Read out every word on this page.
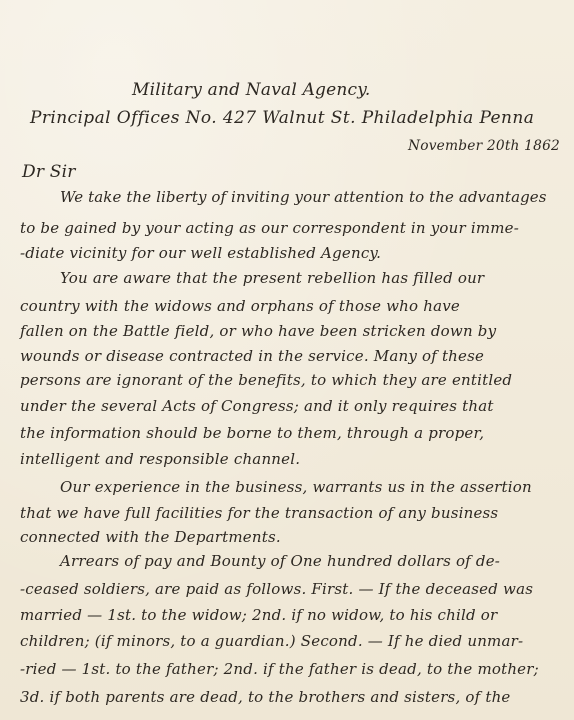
Military and Naval Agency.
Principal Offices No. 427 Walnut St. Philadelphia Penna
November 20th 1862
Dr Sir
We take the liberty of inviting your attention to the advantages
to be gained by your acting as our correspondent in your imme-
-diate vicinity for our well established Agency.
You are aware that the present rebellion has filled our
country with the widows and orphans of those who have
fallen on the Battle field, or who have been stricken down by
wounds or disease contracted in the service. Many of these
persons are ignorant of the benefits, to which they are entitled
under the several Acts of Congress; and it only requires that
the information should be borne to them, through a proper,
intelligent and responsible channel.
Our experience in the business, warrants us in the assertion
that we have full facilities for the transaction of any business
connected with the Departments.
Arrears of pay and Bounty of One hundred dollars of de-
-ceased soldiers, are paid as follows. First. — If the deceased was
married — 1st. to the widow; 2nd. if no widow, to his child or
children; (if minors, to a guardian.) Second. — If he died unmar-
-ried — 1st. to the father; 2nd. if the father is dead, to the mother;
3d. if both parents are dead, to the brothers and sisters, of the
